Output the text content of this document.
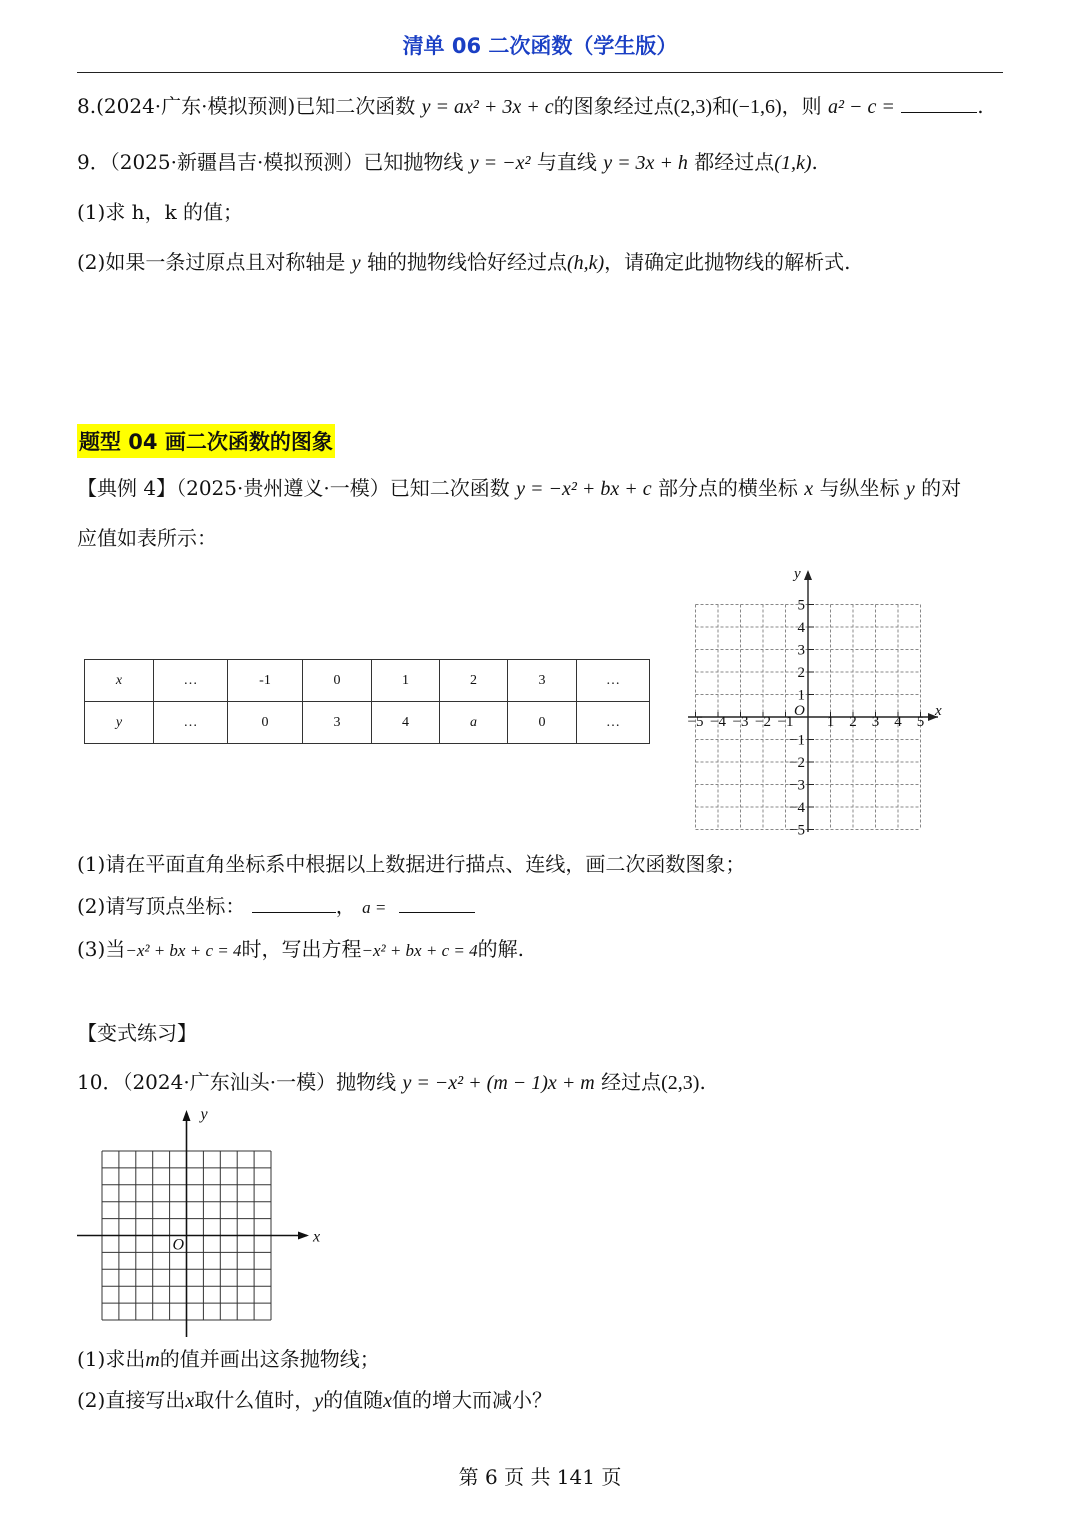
清单 06 二次函数（学生版）
8.(2024·广东·模拟预测)已知二次函数 y = ax² + 3x + c的图象经过点(2,3)和(−1,6)，则 a² − c =	.
9．（2025·新疆昌吉·模拟预测）已知抛物线 y = −x² 与直线 y = 3x + h 都经过点(1,k).
(1)求 h，k 的值；
(2)如果一条过原点且对称轴是 y 轴的抛物线恰好经过点(h,k)，请确定此抛物线的解析式.
题型 04 画二次函数的图象
【典例 4】（2025·贵州遵义·一模）已知二次函数 y = −x² + bx + c 部分点的横坐标 x 与纵坐标 y 的对
应值如表所示：
x	…	-1	0	1	2	3	…
y	…	0	3	4	a	0	…	−5 −4 −3 −2 −1 1 2 3 4 5
5
4
3
2
1
−1
−2
−3
−4
−5
x
y
O
(1)请在平面直角坐标系中根据以上数据进行描点、连线，画二次函数图象；
(2)请写顶点坐标：	， a =
(3)当−x² + bx + c = 4时，写出方程−x² + bx + c = 4的解.
【变式练习】
10．（2024·广东汕头·一模）抛物线 y = −x² + (m − 1)x + m 经过点(2,3).
x
y
O
(1)求出m的值并画出这条抛物线；
(2)直接写出x取什么值时，y的值随x值的增大而减小？
第 6 页 共 141 页
